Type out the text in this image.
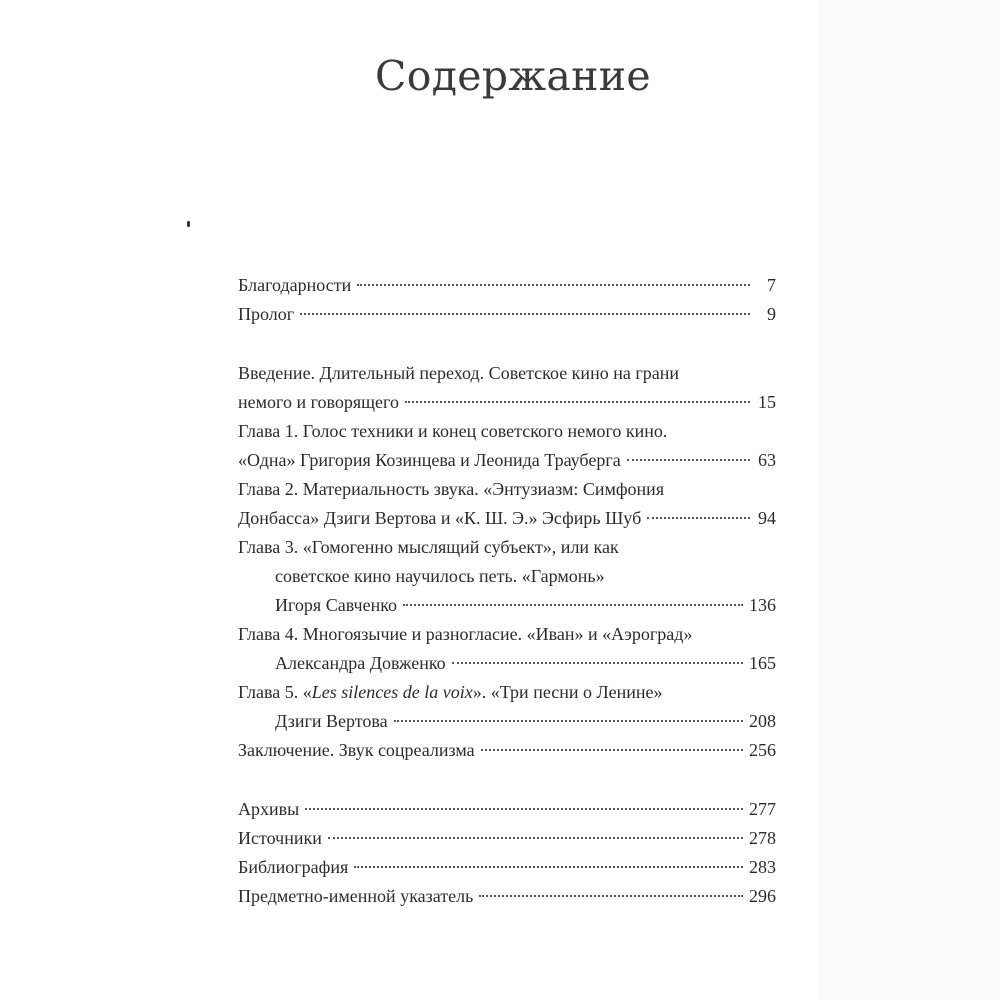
Содержание
Благодарности	7
Пролог	9
Введение. Длительный переход. Советское кино на грани
немого и говорящего	15
Глава 1. Голос техники и конец советского немого кино.
«Одна» Григория Козинцева и Леонида Трауберга	63
Глава 2. Материальность звука. «Энтузиазм: Симфония
Донбасса» Дзиги Вертова и «К. Ш. Э.» Эсфирь Шуб	94
Глава 3. «Гомогенно мыслящий субъект», или как
советское кино научилось петь. «Гармонь»
Игоря Савченко	136
Глава 4. Многоязычие и разногласие. «Иван» и «Аэроград»
Александра Довженко	165
Глава 5. «Les silences de la voix». «Три песни о Ленине»
Дзиги Вертова	208
Заключение. Звук соцреализма	256
Архивы	277
Источники	278
Библиография	283
Предметно-именной указатель	296
